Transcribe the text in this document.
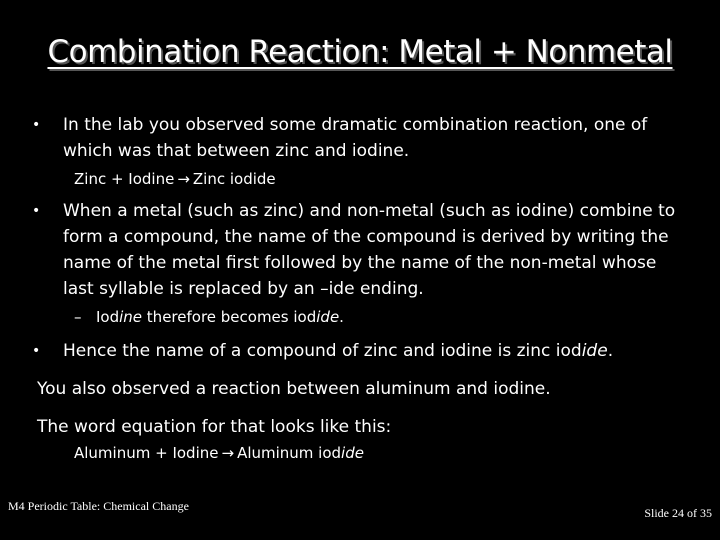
Combination Reaction: Metal + Nonmetal
• In the lab you observed some dramatic combination reaction, one of which was that between zinc and iodine.
Zinc + Iodine → Zinc iodide
• When a metal (such as zinc) and non-metal (such as iodine) combine to form a compound, the name of the compound is derived by writing the name of the metal first followed by the name of the non-metal whose last syllable is replaced by an –ide ending.
– Iodine therefore becomes iodide.
• Hence the name of a compound of zinc and iodine is zinc iodide.
You also observed a reaction between aluminum and iodine.
The word equation for that looks like this:
Aluminum + Iodine → Aluminum iodide
M4 Periodic Table: Chemical Change	Slide 24 of 35
